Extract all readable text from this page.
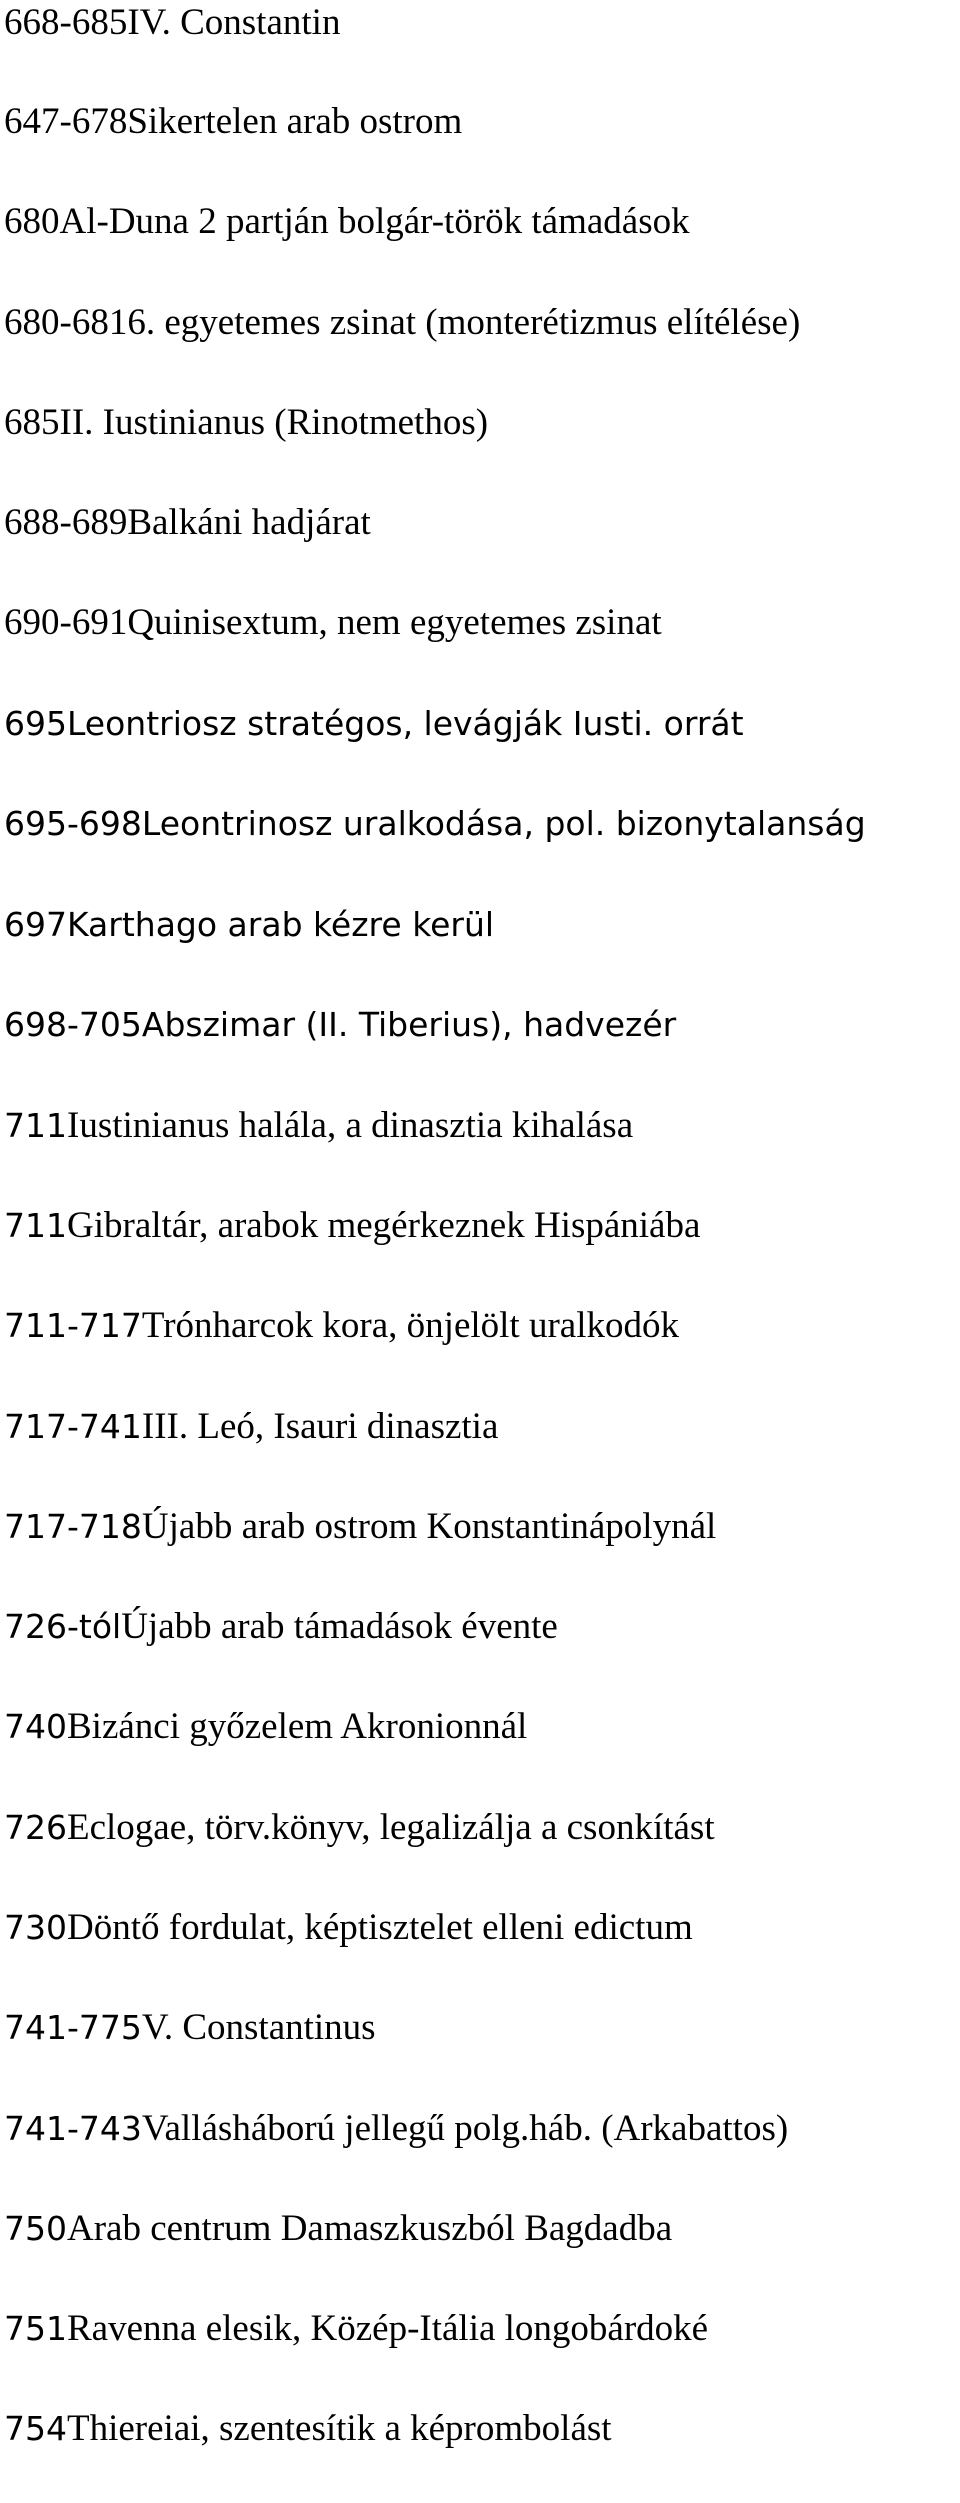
668-685IV. Constantin
647-678Sikertelen arab ostrom
680Al-Duna 2 partján bolgár-török támadások
680-6816. egyetemes zsinat (monterétizmus elítélése)
685II. Iustinianus (Rinotmethos)
688-689Balkáni hadjárat
690-691Quinisextum, nem egyetemes zsinat
695Leontriosz stratégos, levágják Iusti. orrát
695-698Leontrinosz uralkodása, pol. bizonytalanság
697Karthago arab kézre kerül
698-705Abszimar (II. Tiberius), hadvezér
711Iustinianus halála, a dinasztia kihalása
711Gibraltár, arabok megérkeznek Hispániába
711-717Trónharcok kora, önjelölt uralkodók
717-741III. Leó, Isauri dinasztia
717-718Újabb arab ostrom Konstantinápolynál
726-tólÚjabb arab támadások évente
740Bizánci győzelem Akronionnál
726Eclogae, törv.könyv, legalizálja a csonkítást
730Döntő fordulat, képtisztelet elleni edictum
741-775V. Constantinus
741-743Vallásháború jellegű polg.háb. (Arkabattos)
750Arab centrum Damaszkuszból Bagdadba
751Ravenna elesik, Közép-Itália longobárdoké
754Thiereiai, szentesítik a képrombolást
